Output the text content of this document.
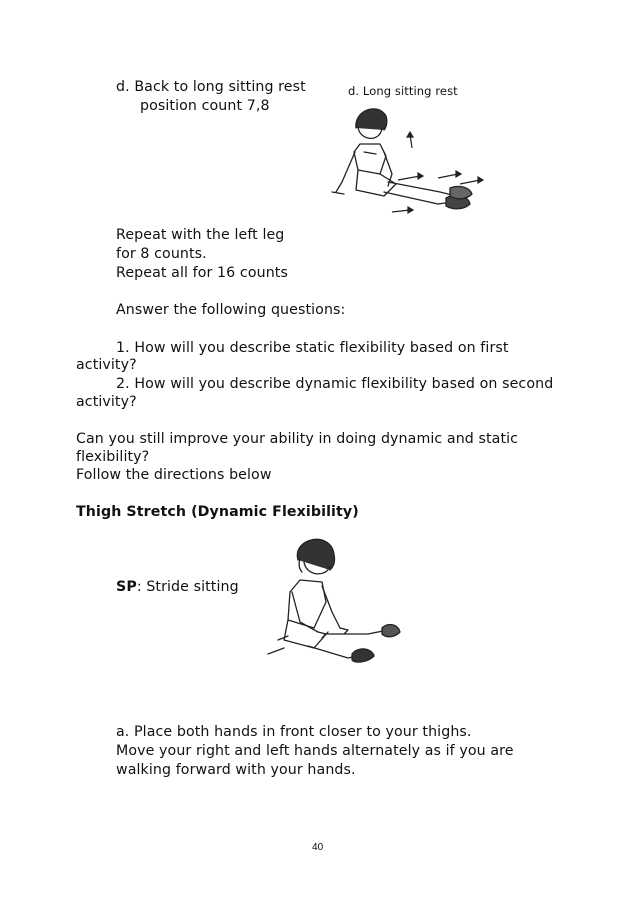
d. Back to long sitting rest
position count 7,8
d. Long sitting rest
Repeat with the left leg
for 8 counts.
Repeat all for 16 counts
Answer the following questions:
1. How will you describe static flexibility based on first
activity?
2. How will you describe dynamic flexibility based on second
activity?
Can you still improve your ability in doing dynamic and static
flexibility?
Follow the directions below
Thigh Stretch (Dynamic Flexibility)
SP: Stride sitting
a. Place both hands in front closer to your thighs.
Move your right and left hands alternately as if you are
walking forward with your hands.
40
